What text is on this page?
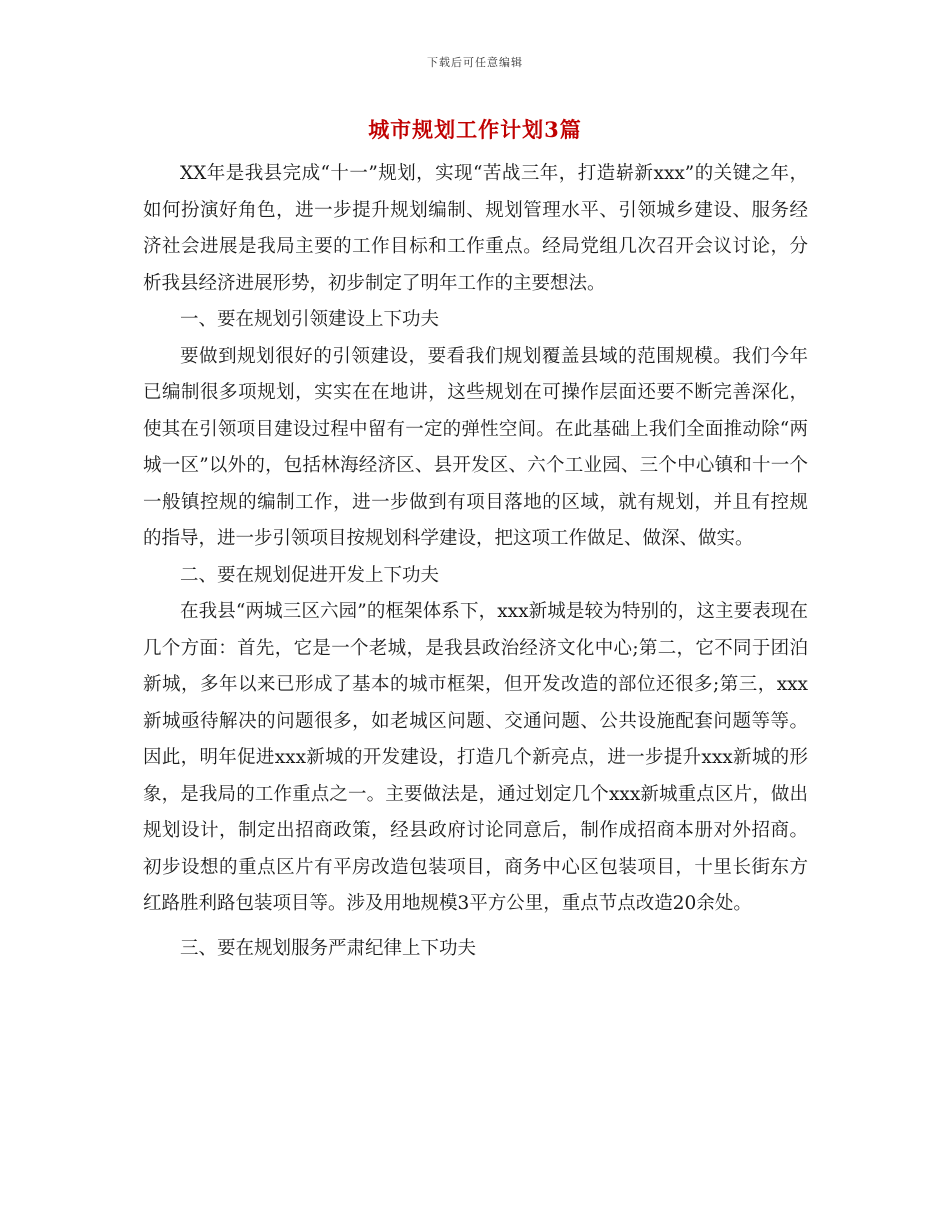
下载后可任意编辑
城市规划工作计划3篇

XX年是我县完成“十一”规划，实现“苦战三年，打造崭新xxx”的关键之年，如何扮演好角色，进一步提升规划编制、规划管理水平、引领城乡建设、服务经济社会进展是我局主要的工作目标和工作重点。经局党组几次召开会议讨论，分析我县经济进展形势，初步制定了明年工作的主要想法。

一、要在规划引领建设上下功夫

要做到规划很好的引领建设，要看我们规划覆盖县域的范围规模。我们今年已编制很多项规划，实实在在地讲，这些规划在可操作层面还要不断完善深化，使其在引领项目建设过程中留有一定的弹性空间。在此基础上我们全面推动除“两城一区”以外的，包括林海经济区、县开发区、六个工业园、三个中心镇和十一个一般镇控规的编制工作，进一步做到有项目落地的区域，就有规划，并且有控规的指导，进一步引领项目按规划科学建设，把这项工作做足、做深、做实。

二、要在规划促进开发上下功夫

在我县“两城三区六园”的框架体系下，xxx新城是较为特别的，这主要表现在几个方面：首先，它是一个老城，是我县政治经济文化中心;第二，它不同于团泊新城，多年以来已形成了基本的城市框架，但开发改造的部位还很多;第三，xxx新城亟待解决的问题很多，如老城区问题、交通问题、公共设施配套问题等等。因此，明年促进xxx新城的开发建设，打造几个新亮点，进一步提升xxx新城的形象，是我局的工作重点之一。主要做法是，通过划定几个xxx新城重点区片，做出规划设计，制定出招商政策，经县政府讨论同意后，制作成招商本册对外招商。初步设想的重点区片有平房改造包装项目，商务中心区包装项目，十里长街东方红路胜利路包装项目等。涉及用地规模3平方公里，重点节点改造20余处。

三、要在规划服务严肃纪律上下功夫
